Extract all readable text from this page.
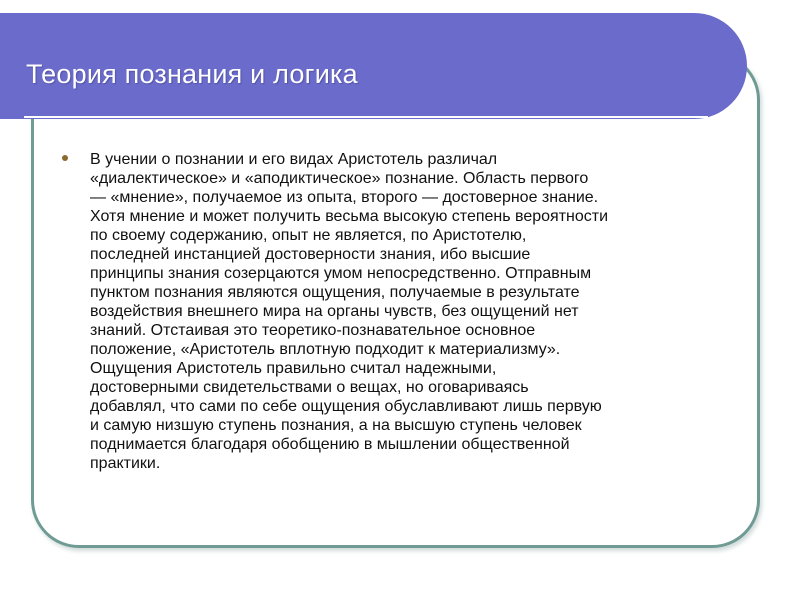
Теория познания и логика

В учении о познании и его видах Аристотель различал
«диалектическое» и «аподиктическое» познание. Область первого
— «мнение», получаемое из опыта, второго — достоверное знание.
Хотя мнение и может получить весьма высокую степень вероятности
по своему содержанию, опыт не является, по Аристотелю,
последней инстанцией достоверности знания, ибо высшие
принципы знания созерцаются умом непосредственно. Отправным
пунктом познания являются ощущения, получаемые в результате
воздействия внешнего мира на органы чувств, без ощущений нет
знаний. Отстаивая это теоретико-познавательное основное
положение, «Аристотель вплотную подходит к материализму».
Ощущения Аристотель правильно считал надежными,
достоверными свидетельствами о вещах, но оговариваясь
добавлял, что сами по себе ощущения обуславливают лишь первую
и самую низшую ступень познания, а на высшую ступень человек
поднимается благодаря обобщению в мышлении общественной
практики.
